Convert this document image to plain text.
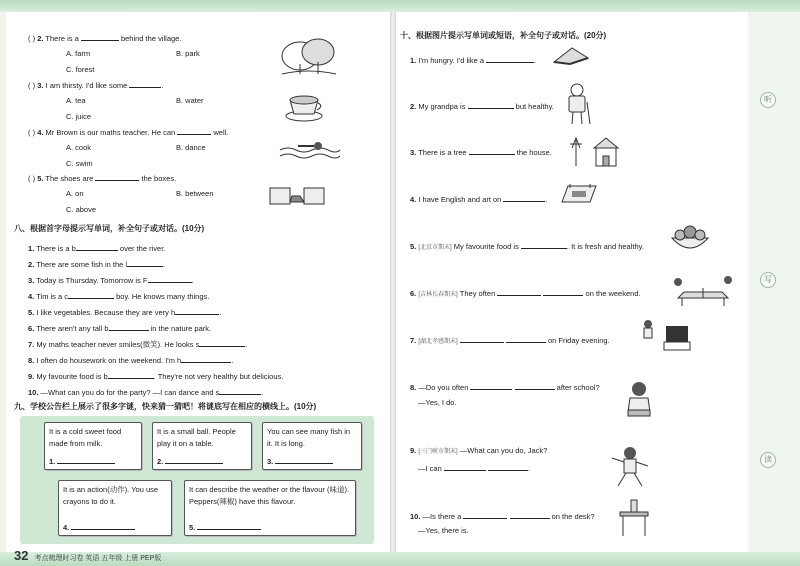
听
写
读
( ) 2. There is a	behind the village.
A. farm	B. park
C. forest
( ) 3. I am thirsty. I'd like some	.
A. tea	B. water
C. juice
( ) 4. Mr Brown is our maths teacher. He can	well.
A. cook	B. dance
C. swim
( ) 5. The shoes are	the boxes.
A. on	B. between
C. above
八、根据首字母提示写单词，补全句子或对话。(10分)
1. There is a b	over the river.
2. There are some fish in the l	.
3. Today is Thursday. Tomorrow is F	.
4. Tim is a c	boy. He knows many things.
5. I like vegetables. Because they are very h	.
6. There aren't any tall b	in the nature park.
7. My maths teacher never smiles(微笑). He looks s	.
8. I often do housework on the weekend. I'm h	.
9. My favourite food is b	. They're not very healthy but delicious.
10. —What can you do for the party? —I can dance and s	.
九、学校公告栏上展示了很多字谜，快来猜一猜吧！将谜底写在相应的横线上。(10分)
It is a cold sweet food made from milk.
1.
It is a small ball. People play it on a table.
2.
You can see many fish in it. It is long.
3.
It is an action(动作). You use crayons to do it.
4.
It can describe the weather or the flavour (味道). Peppers(辣椒) have this flavour.
5.
32 考点梳理时习卷 英语 五年级 上册 PEP版
十、根据图片提示写单词或短语，补全句子或对话。(20分)
1. I'm hungry. I'd like a	.
2. My grandpa is	but healthy.
3. There is a tree	the house.
4. I have English and art on	.
5. [北京市期末] My favourite food is	. It is fresh and healthy.
6. [吉林长春期末] They often	on the weekend.
7. [湖北孝感期末]	on Friday evening.
8. —Do you often	after school?
—Yes, I do.
9. [三门峡市期末] —What can you do, Jack?
—I can	.
10. —Is there a	on the desk?
—Yes, there is.
